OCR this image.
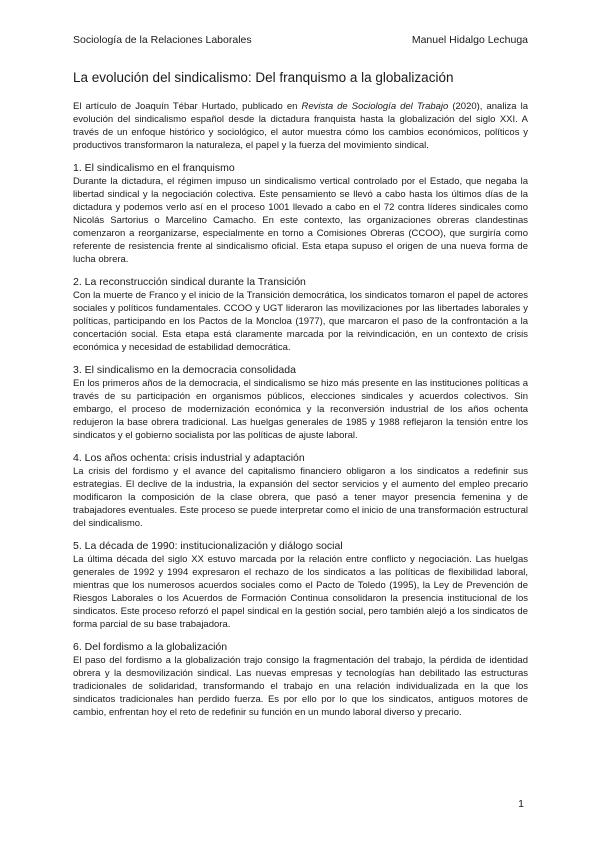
Sociología de la Relaciones Laborales	Manuel Hidalgo Lechuga
La evolución del sindicalismo: Del franquismo a la globalización

El artículo de Joaquín Tébar Hurtado, publicado en Revista de Sociología del Trabajo (2020), analiza la evolución del sindicalismo español desde la dictadura franquista hasta la globalización del siglo XXI. A través de un enfoque histórico y sociológico, el autor muestra cómo los cambios económicos, políticos y productivos transformaron la naturaleza, el papel y la fuerza del movimiento sindical.

1. El sindicalismo en el franquismo

Durante la dictadura, el régimen impuso un sindicalismo vertical controlado por el Estado, que negaba la libertad sindical y la negociación colectiva. Este pensamiento se llevó a cabo hasta los últimos días de la dictadura y podemos verlo así en el proceso 1001 llevado a cabo en el 72 contra líderes sindicales como Nicolás Sartorius o Marcelino Camacho. En este contexto, las organizaciones obreras clandestinas comenzaron a reorganizarse, especialmente en torno a Comisiones Obreras (CCOO), que surgiría como referente de resistencia frente al sindicalismo oficial. Esta etapa supuso el origen de una nueva forma de lucha obrera.

2. La reconstrucción sindical durante la Transición

Con la muerte de Franco y el inicio de la Transición democrática, los sindicatos tomaron el papel de actores sociales y políticos fundamentales. CCOO y UGT lideraron las movilizaciones por las libertades laborales y políticas, participando en los Pactos de la Moncloa (1977), que marcaron el paso de la confrontación a la concertación social. Esta etapa está claramente marcada por la reivindicación, en un contexto de crisis económica y necesidad de estabilidad democrática.

3. El sindicalismo en la democracia consolidada

En los primeros años de la democracia, el sindicalismo se hizo más presente en las instituciones políticas a través de su participación en organismos públicos, elecciones sindicales y acuerdos colectivos. Sin embargo, el proceso de modernización económica y la reconversión industrial de los años ochenta redujeron la base obrera tradicional. Las huelgas generales de 1985 y 1988 reflejaron la tensión entre los sindicatos y el gobierno socialista por las políticas de ajuste laboral.

4. Los años ochenta: crisis industrial y adaptación

La crisis del fordismo y el avance del capitalismo financiero obligaron a los sindicatos a redefinir sus estrategias. El declive de la industria, la expansión del sector servicios y el aumento del empleo precario modificaron la composición de la clase obrera, que pasó a tener mayor presencia femenina y de trabajadores eventuales. Este proceso se puede interpretar como el inicio de una transformación estructural del sindicalismo.

5. La década de 1990: institucionalización y diálogo social

La última década del siglo XX estuvo marcada por la relación entre conflicto y negociación. Las huelgas generales de 1992 y 1994 expresaron el rechazo de los sindicatos a las políticas de flexibilidad laboral, mientras que los numerosos acuerdos sociales como el Pacto de Toledo (1995), la Ley de Prevención de Riesgos Laborales o los Acuerdos de Formación Continua consolidaron la presencia institucional de los sindicatos. Este proceso reforzó el papel sindical en la gestión social, pero también alejó a los sindicatos de forma parcial de su base trabajadora.

6. Del fordismo a la globalización

El paso del fordismo a la globalización trajo consigo la fragmentación del trabajo, la pérdida de identidad obrera y la desmovilización sindical. Las nuevas empresas y tecnologías han debilitado las estructuras tradicionales de solidaridad, transformando el trabajo en una relación individualizada en la que los sindicatos tradicionales han perdido fuerza. Es por ello por lo que los sindicatos, antiguos motores de cambio, enfrentan hoy el reto de redefinir su función en un mundo laboral diverso y precario.

1
